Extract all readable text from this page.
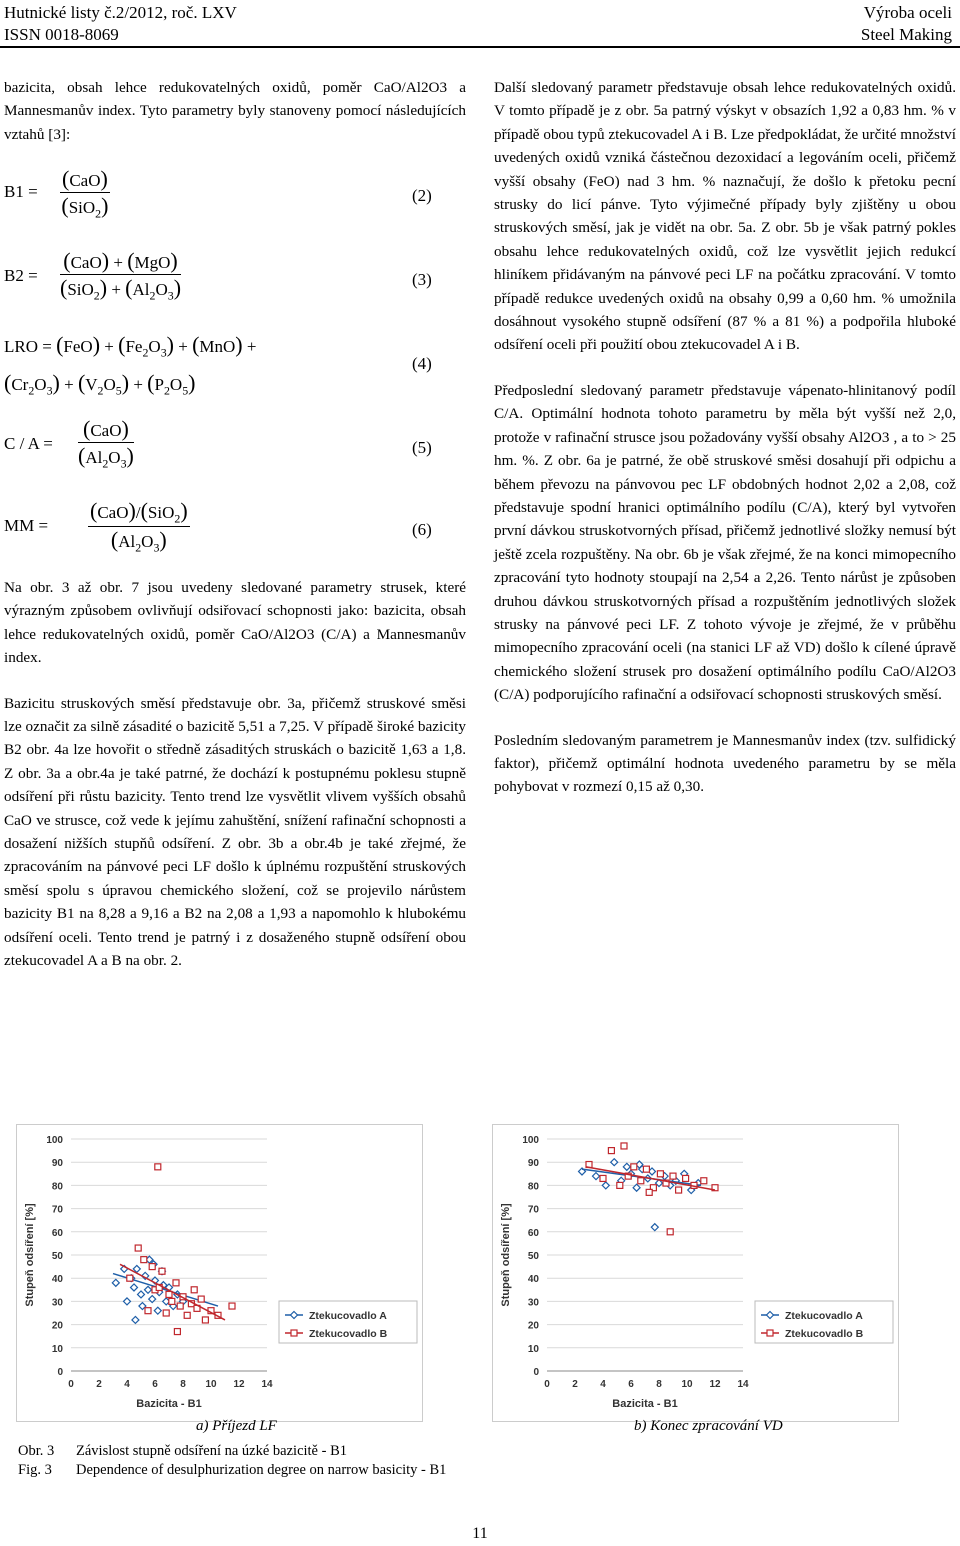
Hutnické listy č.2/2012, roč. LXV
ISSN 0018-8069
Výroba oceli
Steel Making

bazicita, obsah lehce redukovatelných oxidů, poměr CaO/Al2O3 a Mannesmanův index. Tyto parametry byly stanoveny pomocí následujících vztahů [3]:

B1 =
(CaO)
(SiO$_2$)	(2)
B2 =
(CaO) + (MgO)
$(SiO_2) + (Al_2O_3)$	(3)
LRO = $(FeO) + (Fe_2O_3) + (MnO)$ +
$(Cr_2O_3) + (V_2O_5) + (P_2O_5)$
(4)
C / A =
(CaO)
$(Al_2O_3)$	(5)
MM =
(CaO)/(SiO$_2$)
$(Al_2O_3)$	(6)

Na obr. 3 až obr. 7 jsou uvedeny sledované parametry strusek, které výrazným způsobem ovlivňují odsiřovací schopnosti jako: bazicita, obsah lehce redukovatelných oxidů, poměr CaO/Al2O3 (C/A) a Mannesmanův index.

Bazicitu struskových směsí představuje obr. 3a, přičemž struskové směsi lze označit za silně zásadité o bazicitě 5,51 a 7,25. V případě široké bazicity B2 obr. 4a lze hovořit o středně zásaditých struskách o bazicitě 1,63 a 1,8. Z obr. 3a a obr.4a je také patrné, že dochází k postupnému poklesu stupně odsíření při růstu bazicity. Tento trend lze vysvětlit vlivem vyšších obsahů CaO ve strusce, což vede k jejímu zahuštění, snížení rafinační schopnosti a dosažení nižších stupňů odsíření. Z obr. 3b a obr.4b je také zřejmé, že zpracováním na pánvové peci LF došlo k úplnému rozpuštění struskových směsí spolu s úpravou chemického složení, což se projevilo nárůstem bazicity B1 na 8,28 a 9,16 a B2 na 2,08 a 1,93 a napomohlo k hlubokému odsíření oceli. Tento trend je patrný i z dosaženého stupně odsíření obou ztekucovadel A a B na obr. 2.

Další sledovaný parametr představuje obsah lehce redukovatelných oxidů. V tomto případě je z obr. 5a patrný výskyt v obsazích 1,92 a 0,83 hm. % v případě obou typů ztekucovadel A i B. Lze předpokládat, že určité množství uvedených oxidů vzniká částečnou dezoxidací a legováním oceli, přičemž vyšší obsahy (FeO) nad 3 hm. % naznačují, že došlo k přetoku pecní strusky do licí pánve. Tyto výjimečné případy byly zjištěny u obou struskových směsí, jak je vidět na obr. 5a. Z obr. 5b je však patrný pokles obsahu lehce redukovatelných oxidů, což lze vysvětlit jejich redukcí hliníkem přidávaným na pánvové peci LF na počátku zpracování. V tomto případě redukce uvedených oxidů na obsahy 0,99 a 0,60 hm. % umožnila dosáhnout vysokého stupně odsíření (87 % a 81 %) a podpořila hluboké odsíření oceli při použití obou ztekucovadel A i B.

Předposlední sledovaný parametr představuje vápenato-hlinitanový podíl C/A. Optimální hodnota tohoto parametru by měla být vyšší než 2,0, protože v rafinační strusce jsou požadovány vyšší obsahy Al2O3 , a to > 25 hm. %. Z obr. 6a je patrné, že obě struskové směsi dosahují při odpichu a během převozu na pánvovou pec LF obdobných hodnot 2,02 a 2,08, což představuje spodní hranici optimálního podílu (C/A), který byl vytvořen první dávkou struskotvorných přísad, přičemž jednotlivé složky nemusí být ještě zcela rozpuštěny. Na obr. 6b je však zřejmé, že na konci mimopecního zpracování tyto hodnoty stoupají na 2,54 a 2,26. Tento nárůst je způsoben druhou dávkou struskotvorných přísad a rozpuštěním jednotlivých složek strusky na pánvové peci LF. Z tohoto vývoje je zřejmé, že v průběhu mimopecního zpracování oceli (na stanici LF až VD) došlo k cílené úpravě chemického složení strusek pro dosažení optimálního podílu CaO/Al2O3 (C/A) podporujícího rafinační a odsiřovací schopnosti struskových směsí.

Posledním sledovaným parametrem je Mannesmanův index (tzv. sulfidický faktor), přičemž optimální hodnota uvedeného parametru by se měla pohybovat v rozmezí 0,15 až 0,30.

0
10
20
30
40
50
60
70
80
90
100
0 2 4 6 8 10 12 14
Bazicita - B1
Stupeň odsíření [%]
Ztekucovadlo A
Ztekucovadlo B
0
10
20
30
40
50
60
70
80
90
100
0 2 4 6 8 10 12 14
Bazicita - B1
Stupeň odsíření [%]
Ztekucovadlo A
Ztekucovadlo B
a) Příjezd LF	b) Konec zpracování VD
Obr. 3 Závislost stupně odsíření na úzké bazicitě - B1
Fig. 3 Dependence of desulphurization degree on narrow basicity - B1
11
